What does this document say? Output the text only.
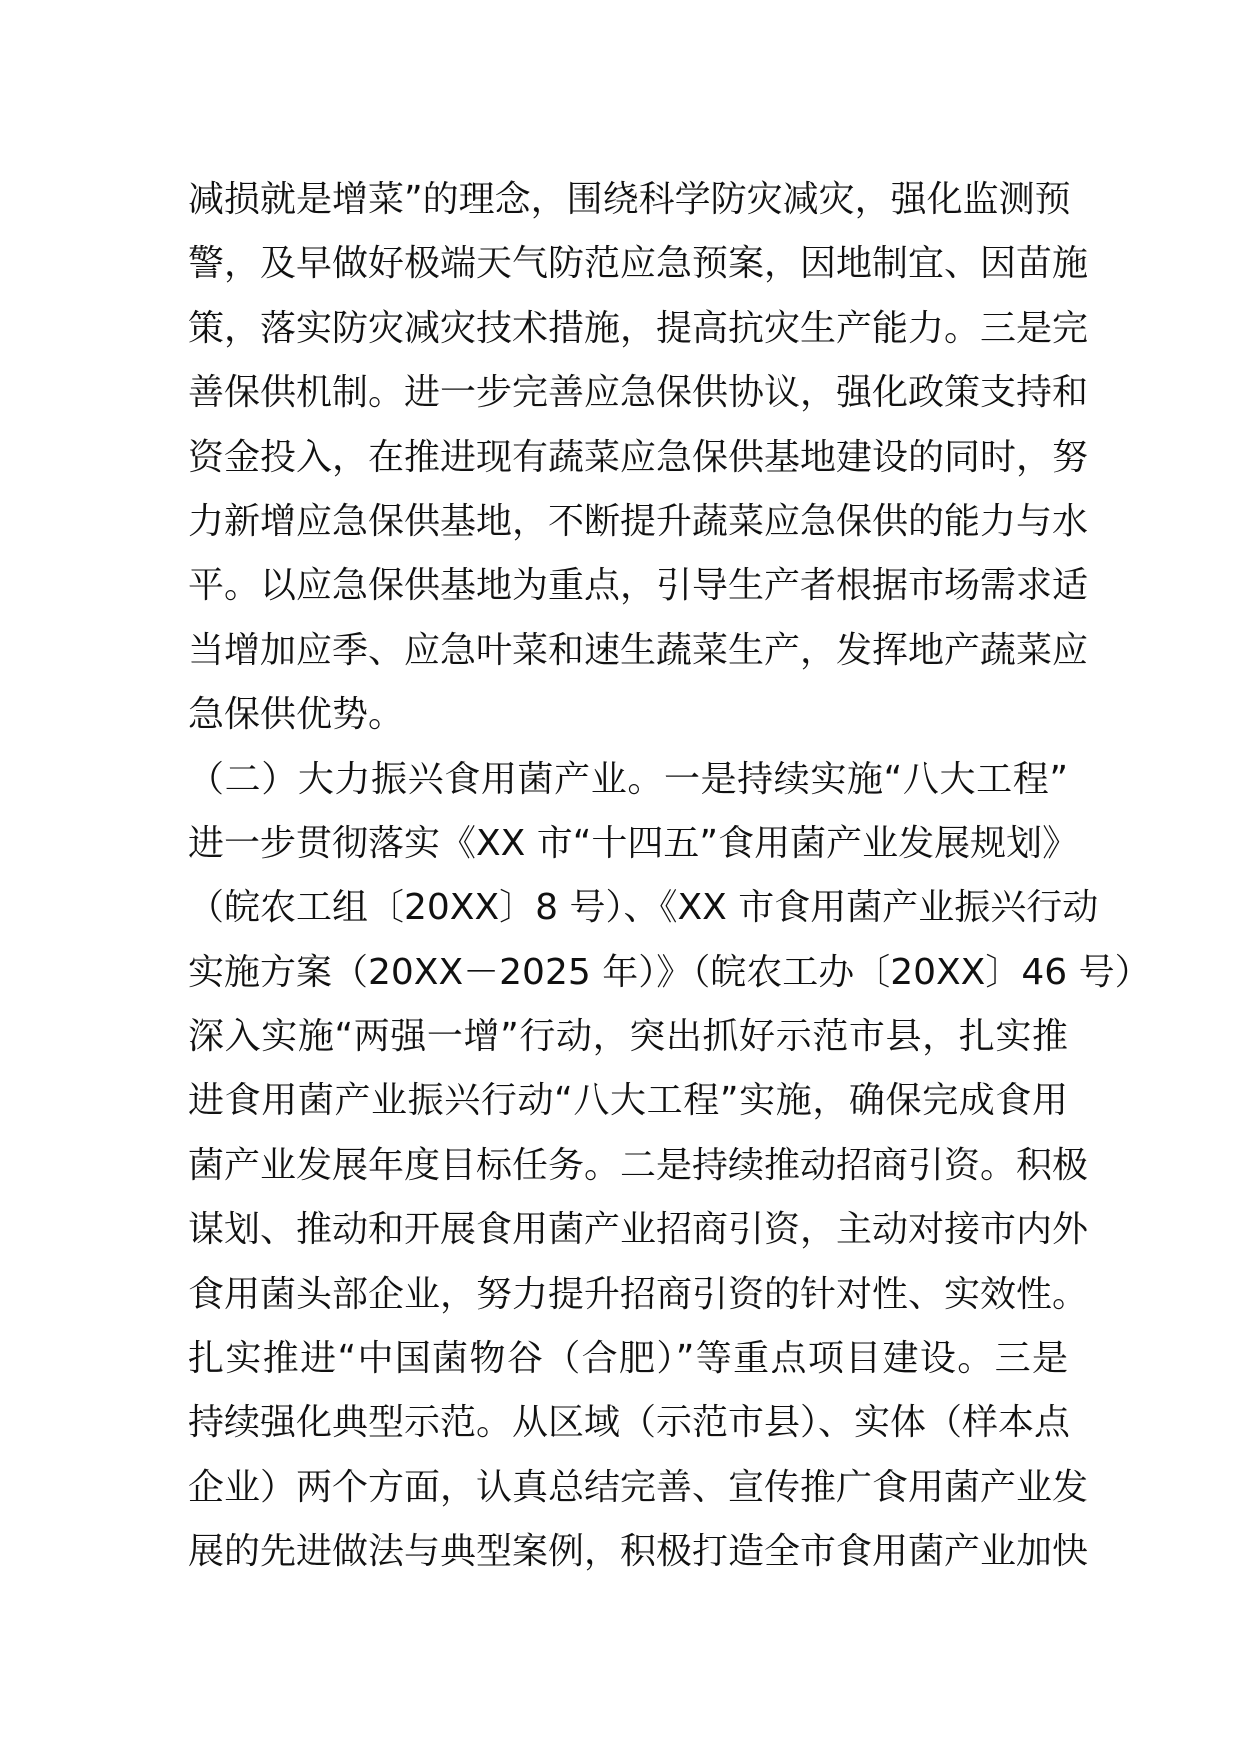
减损就是增菜”的理念，围绕科学防灾减灾，强化监测预
警，及早做好极端天气防范应急预案，因地制宜、因苗施
策，落实防灾减灾技术措施，提高抗灾生产能力。三是完
善保供机制。进一步完善应急保供协议，强化政策支持和
资金投入，在推进现有蔬菜应急保供基地建设的同时，努
力新增应急保供基地，不断提升蔬菜应急保供的能力与水
平。以应急保供基地为重点，引导生产者根据市场需求适
当增加应季、应急叶菜和速生蔬菜生产，发挥地产蔬菜应
急保供优势。
（二）大力振兴食用菌产业。一是持续实施“八大工程”
进一步贯彻落实《XX 市“十四五”食用菌产业发展规划》
（皖农工组〔20XX〕8 号）、《XX 市食用菌产业振兴行动
实施方案（20XX－2025 年）》（皖农工办〔20XX〕46 号）
深入实施“两强一增”行动，突出抓好示范市县，扎实推
进食用菌产业振兴行动“八大工程”实施，确保完成食用
菌产业发展年度目标任务。二是持续推动招商引资。积极
谋划、推动和开展食用菌产业招商引资，主动对接市内外
食用菌头部企业，努力提升招商引资的针对性、实效性。
扎实推进“中国菌物谷（合肥）”等重点项目建设。三是
持续强化典型示范。从区域（示范市县）、实体（样本点
企业）两个方面，认真总结完善、宣传推广食用菌产业发
展的先进做法与典型案例，积极打造全市食用菌产业加快
